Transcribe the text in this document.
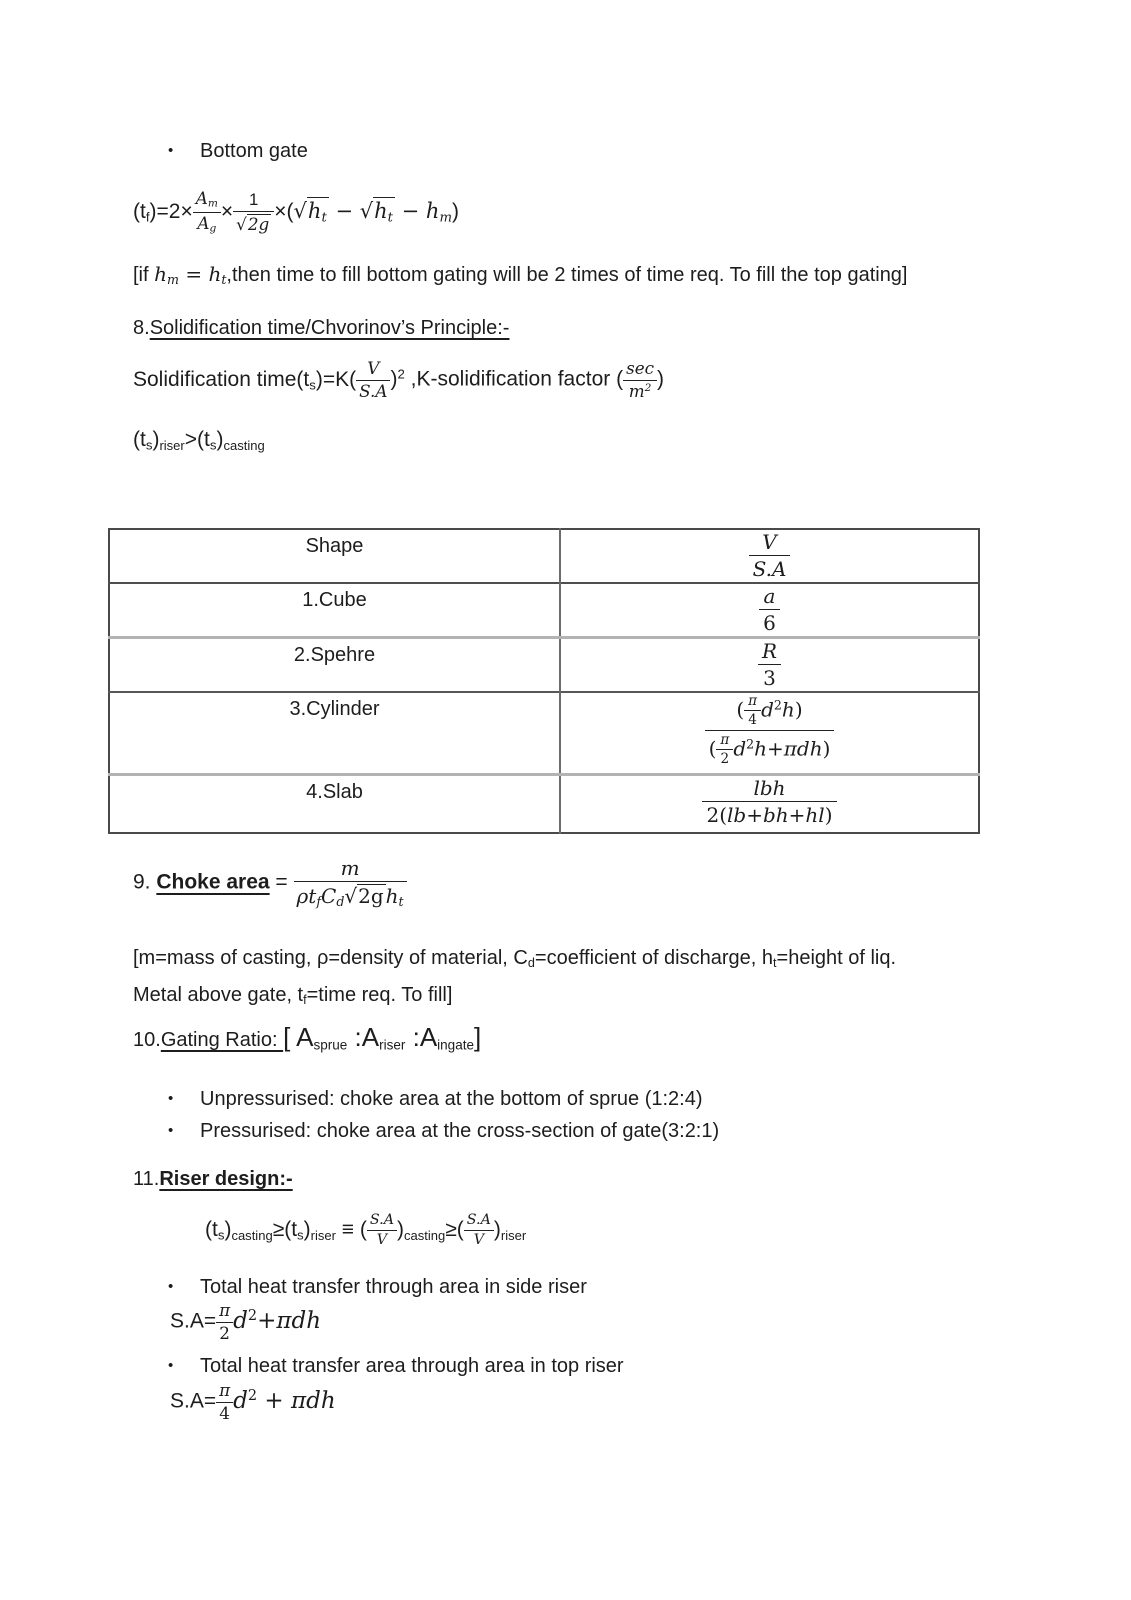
•	Bottom gate
$(tf)=2\times \frac{Am}{Ag} \times \frac{1}{√2g} \times(√ht - √ht - hm)$
[if hm = ht,then time to fill bottom gating will be 2 times of time req. To fill the top gating]
8.Solidification time/Chvorinov’s Principle:-
Solidification time(ts)=K( $\frac{V}{S.A} )^2$ ,K-solidification factor ( sec
$m^2$ )
(ts)riser>(ts)casting
Shape	$\frac{V}{S.A}$

1.Cube	$\frac{a}{6}$

2.Spehre	$\frac{R}{3}$

3.Cylinder	( $\frac{\pi}{4} d^2h$)
( $\frac{\pi}{2} d^2h+\pi dh$)

4.Slab	lbh
2(lb+bh+hl)
9. Choke area =
m
ρtfCd√2g ht
[m=mass of casting, ρ=density of material, Cd=coefficient of discharge, ht=height of liq.
Metal above gate, tf=time req. To fill]
10.Gating Ratio: [ Asprue :Ariser :Aingate]
•	Unpressurised: choke area at the bottom of sprue (1:2:4)
•	Pressurised: choke area at the cross-section of gate(3:2:1)
11.Riser design:-
(ts)casting≥(ts)riser ≡ ( $\frac{S.A}{V}$ )casting≥( $\frac{S.A}{V}$ )riser
•	Total heat transfer through area in side riser
$S.A= \frac{\pi}{2} d^2+\pi dh$
•	Total heat transfer area through area in top riser
$S.A= \frac{\pi}{4} d^2 + \pi dh$
